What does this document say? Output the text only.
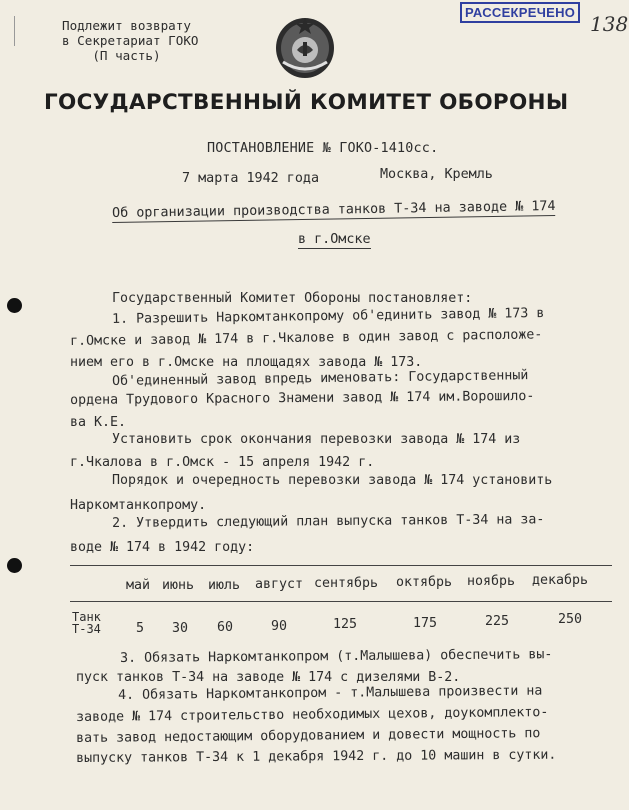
Подлежит возврату
в Секретариат ГОКО
(П часть)
РАССЕКРЕЧЕНО 138
ГОСУДАРСТВЕННЫЙ КОМИТЕТ ОБОРОНЫ
ПОСТАНОВЛЕНИЕ № ГОКО-1410сс.
7 марта 1942 года	Москва, Кремль
Об организации производства танков Т-34 на заводе № 174
в г.Омске
Государственный Комитет Обороны постановляет:
1. Разрешить Наркомтанкопрому об'единить завод № 173 в
г.Омске и завод № 174 в г.Чкалове в один завод с расположе-
нием его в г.Омске на площадях завода № 173.
Об'единенный завод впредь именовать: Государственный
ордена Трудового Красного Знамени завод № 174 им.Ворошило-
ва К.Е.
Установить срок окончания перевозки завода № 174 из
г.Чкалова в г.Омск - 15 апреля 1942 г.
Порядок и очередность перевозки завода № 174 установить
Наркомтанкопрому.
2. Утвердить следующий план выпуска танков Т-34 на за-
воде № 174 в 1942 году:
май июнь июль август сентябрь октябрь ноябрь декабрь
Танк
Т-34	5 30 60	90	125	175	225	250
3. Обязать Наркомтанкопром (т.Малышева) обеспечить вы-
пуск танков Т-34 на заводе № 174 с дизелями В-2.
4. Обязать Наркомтанкопром - т.Малышева произвести на
заводе № 174 строительство необходимых цехов, доукомплекто-
вать завод недостающим оборудованием и довести мощность по
выпуску танков Т-34 к 1 декабря 1942 г. до 10 машин в сутки.
